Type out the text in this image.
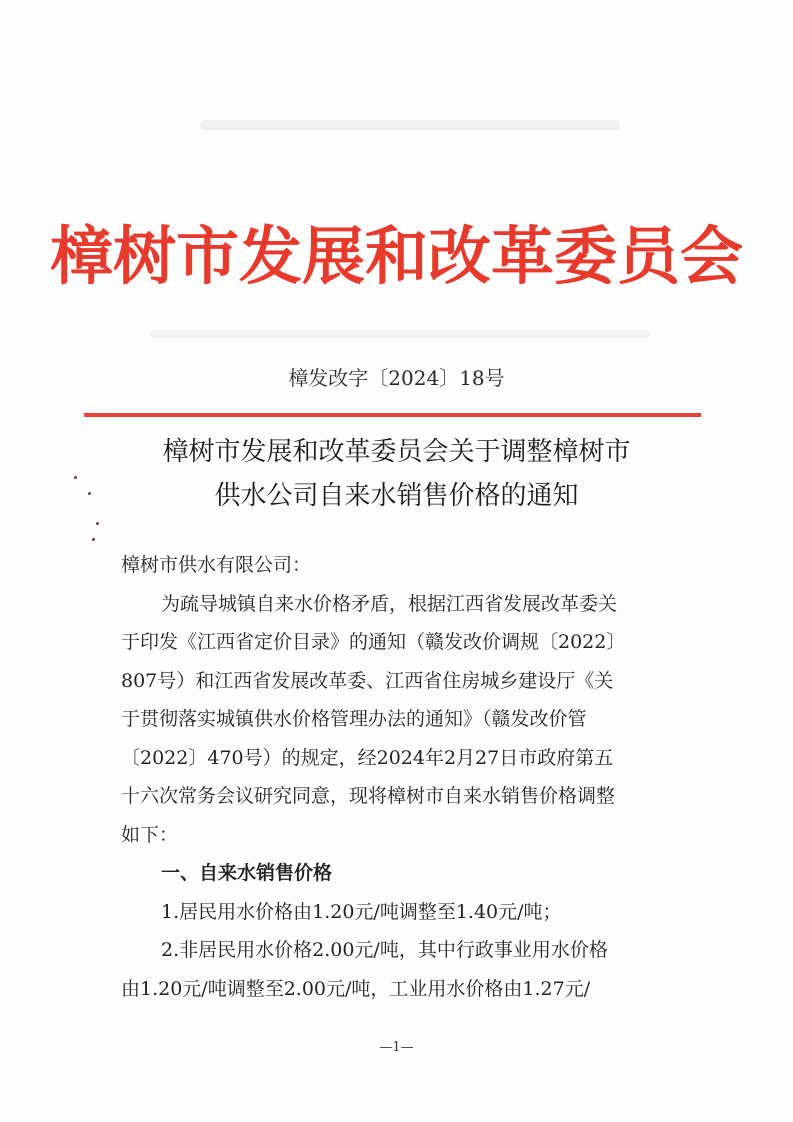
樟树市发展和改革委员会
樟发改字〔2024〕18号
樟树市发展和改革委员会关于调整樟树市
供水公司自来水销售价格的通知
樟树市供水有限公司：
为疏导城镇自来水价格矛盾，根据江西省发展改革委关
于印发《江西省定价目录》的通知（赣发改价调规〔2022〕
807号）和江西省发展改革委、江西省住房城乡建设厅《关
于贯彻落实城镇供水价格管理办法的通知》（赣发改价管
〔2022〕470号）的规定，经2024年2月27日市政府第五
十六次常务会议研究同意，现将樟树市自来水销售价格调整
如下：
一、自来水销售价格
1.居民用水价格由1.20元/吨调整至1.40元/吨；
2.非居民用水价格2.00元/吨，其中行政事业用水价格
由1.20元/吨调整至2.00元/吨，工业用水价格由1.27元/
—1—
